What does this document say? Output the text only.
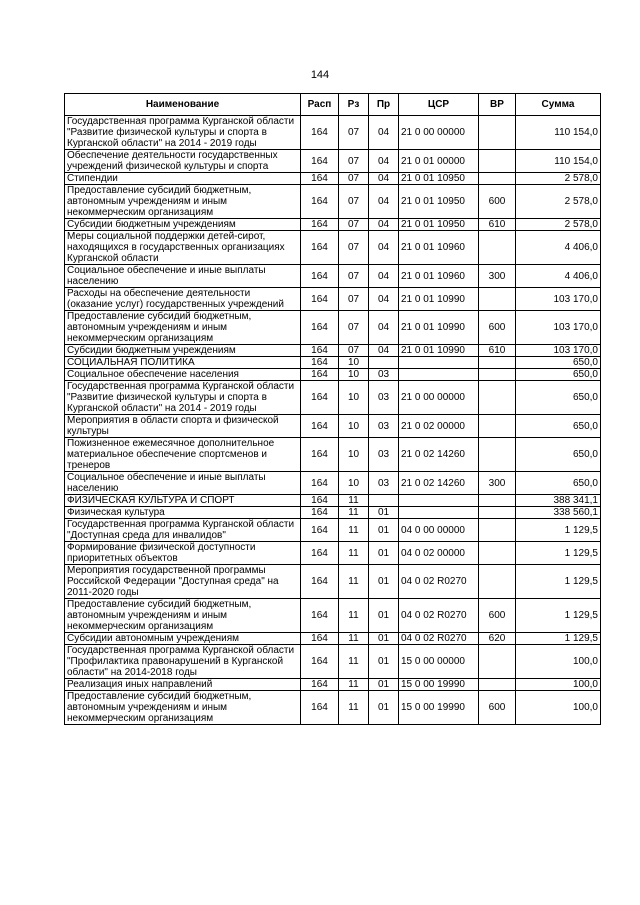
144
Наименование	Расп	Рз	Пр	ЦСР	ВР	Сумма
Государственная программа Курганской области "Развитие физической культуры и спорта в Курганской области" на 2014 - 2019 годы	164	07	04	21 0 00 00000		110 154,0
Обеспечение деятельности государственных учреждений физической культуры и спорта	164	07	04	21 0 01 00000		110 154,0
Стипендии	164	07	04	21 0 01 10950		2 578,0
Предоставление субсидий бюджетным, автономным учреждениям и иным некоммерческим организациям	164	07	04	21 0 01 10950	600	2 578,0
Субсидии бюджетным учреждениям	164	07	04	21 0 01 10950	610	2 578,0
Меры социальной поддержки детей-сирот, находящихся в государственных организациях Курганской области	164	07	04	21 0 01 10960		4 406,0
Социальное обеспечение и иные выплаты населению	164	07	04	21 0 01 10960	300	4 406,0
Расходы на обеспечение деятельности (оказание услуг) государственных учреждений	164	07	04	21 0 01 10990		103 170,0
Предоставление субсидий бюджетным, автономным учреждениям и иным некоммерческим организациям	164	07	04	21 0 01 10990	600	103 170,0
Субсидии бюджетным учреждениям	164	07	04	21 0 01 10990	610	103 170,0
СОЦИАЛЬНАЯ ПОЛИТИКА	164	10				650,0
Социальное обеспечение населения	164	10	03			650,0
Государственная программа Курганской области "Развитие физической культуры и спорта в Курганской области" на 2014 - 2019 годы	164	10	03	21 0 00 00000		650,0
Мероприятия в области спорта и физической культуры	164	10	03	21 0 02 00000		650,0
Пожизненное ежемесячное дополнительное материальное обеспечение спортсменов и тренеров	164	10	03	21 0 02 14260		650,0
Социальное обеспечение и иные выплаты населению	164	10	03	21 0 02 14260	300	650,0
ФИЗИЧЕСКАЯ КУЛЬТУРА И СПОРТ	164	11				388 341,1
Физическая культура	164	11	01			338 560,1
Государственная программа Курганской области "Доступная среда для инвалидов"	164	11	01	04 0 00 00000		1 129,5
Формирование физической доступности приоритетных объектов	164	11	01	04 0 02 00000		1 129,5
Мероприятия государственной программы Российской Федерации "Доступная среда" на 2011-2020 годы	164	11	01	04 0 02 R0270		1 129,5
Предоставление субсидий бюджетным, автономным учреждениям и иным некоммерческим организациям	164	11	01	04 0 02 R0270	600	1 129,5
Субсидии автономным учреждениям	164	11	01	04 0 02 R0270	620	1 129,5
Государственная программа Курганской области "Профилактика правонарушений в Курганской области" на 2014-2018 годы	164	11	01	15 0 00 00000		100,0
Реализация иных направлений	164	11	01	15 0 00 19990		100,0
Предоставление субсидий бюджетным, автономным учреждениям и иным некоммерческим организациям	164	11	01	15 0 00 19990	600	100,0
